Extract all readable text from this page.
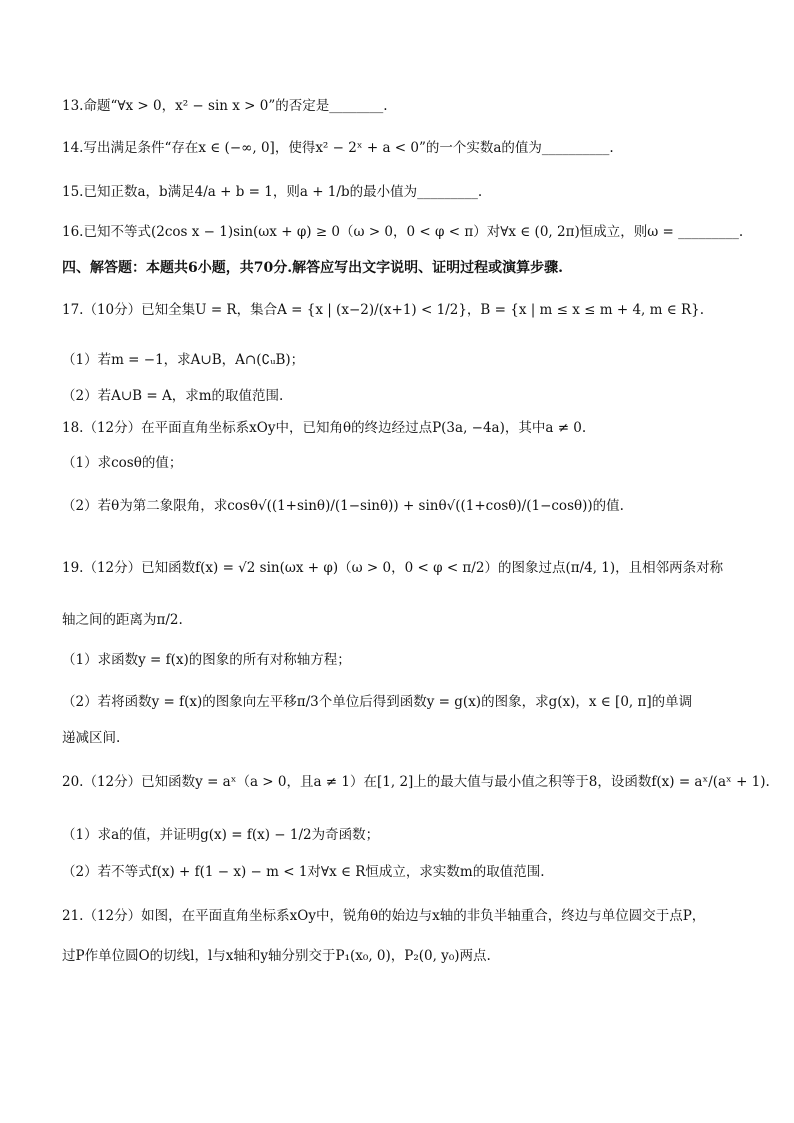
13.命题“∀x > 0，x² − sin x > 0”的否定是________.
14.写出满足条件“存在x ∈ (−∞, 0]，使得x² − 2ˣ + a < 0”的一个实数a的值为__________.
15.已知正数a，b满足4/a + b = 1，则a + 1/b的最小值为_________.
16.已知不等式(2cos x − 1)sin(ωx + φ) ≥ 0（ω > 0，0 < φ < π）对∀x ∈ (0, 2π)恒成立，则ω = _________.
四、解答题：本题共6小题，共70分.解答应写出文字说明、证明过程或演算步骤.
17.（10分）已知全集U = R，集合A = {x | (x−2)/(x+1) < 1/2}，B = {x | m ≤ x ≤ m + 4, m ∈ R}.
（1）若m = −1，求A∪B，A∩(∁ᵤB)；
（2）若A∪B = A，求m的取值范围.
18.（12分）在平面直角坐标系xOy中，已知角θ的终边经过点P(3a, −4a)，其中a ≠ 0.
（1）求cosθ的值；
（2）若θ为第二象限角，求cosθ√((1+sinθ)/(1−sinθ)) + sinθ√((1+cosθ)/(1−cosθ))的值.
19.（12分）已知函数f(x) = √2 sin(ωx + φ)（ω > 0，0 < φ < π/2）的图象过点(π/4, 1)，且相邻两条对称
轴之间的距离为π/2.
（1）求函数y = f(x)的图象的所有对称轴方程；
（2）若将函数y = f(x)的图象向左平移π/3个单位后得到函数y = g(x)的图象，求g(x)，x ∈ [0, π]的单调
递减区间.
20.（12分）已知函数y = aˣ（a > 0，且a ≠ 1）在[1, 2]上的最大值与最小值之积等于8，设函数f(x) = aˣ/(aˣ + 1).
（1）求a的值，并证明g(x) = f(x) − 1/2为奇函数；
（2）若不等式f(x) + f(1 − x) − m < 1对∀x ∈ R恒成立，求实数m的取值范围.
21.（12分）如图，在平面直角坐标系xOy中，锐角θ的始边与x轴的非负半轴重合，终边与单位圆交于点P，
过P作单位圆O的切线l，l与x轴和y轴分别交于P₁(x₀, 0)，P₂(0, y₀)两点.
